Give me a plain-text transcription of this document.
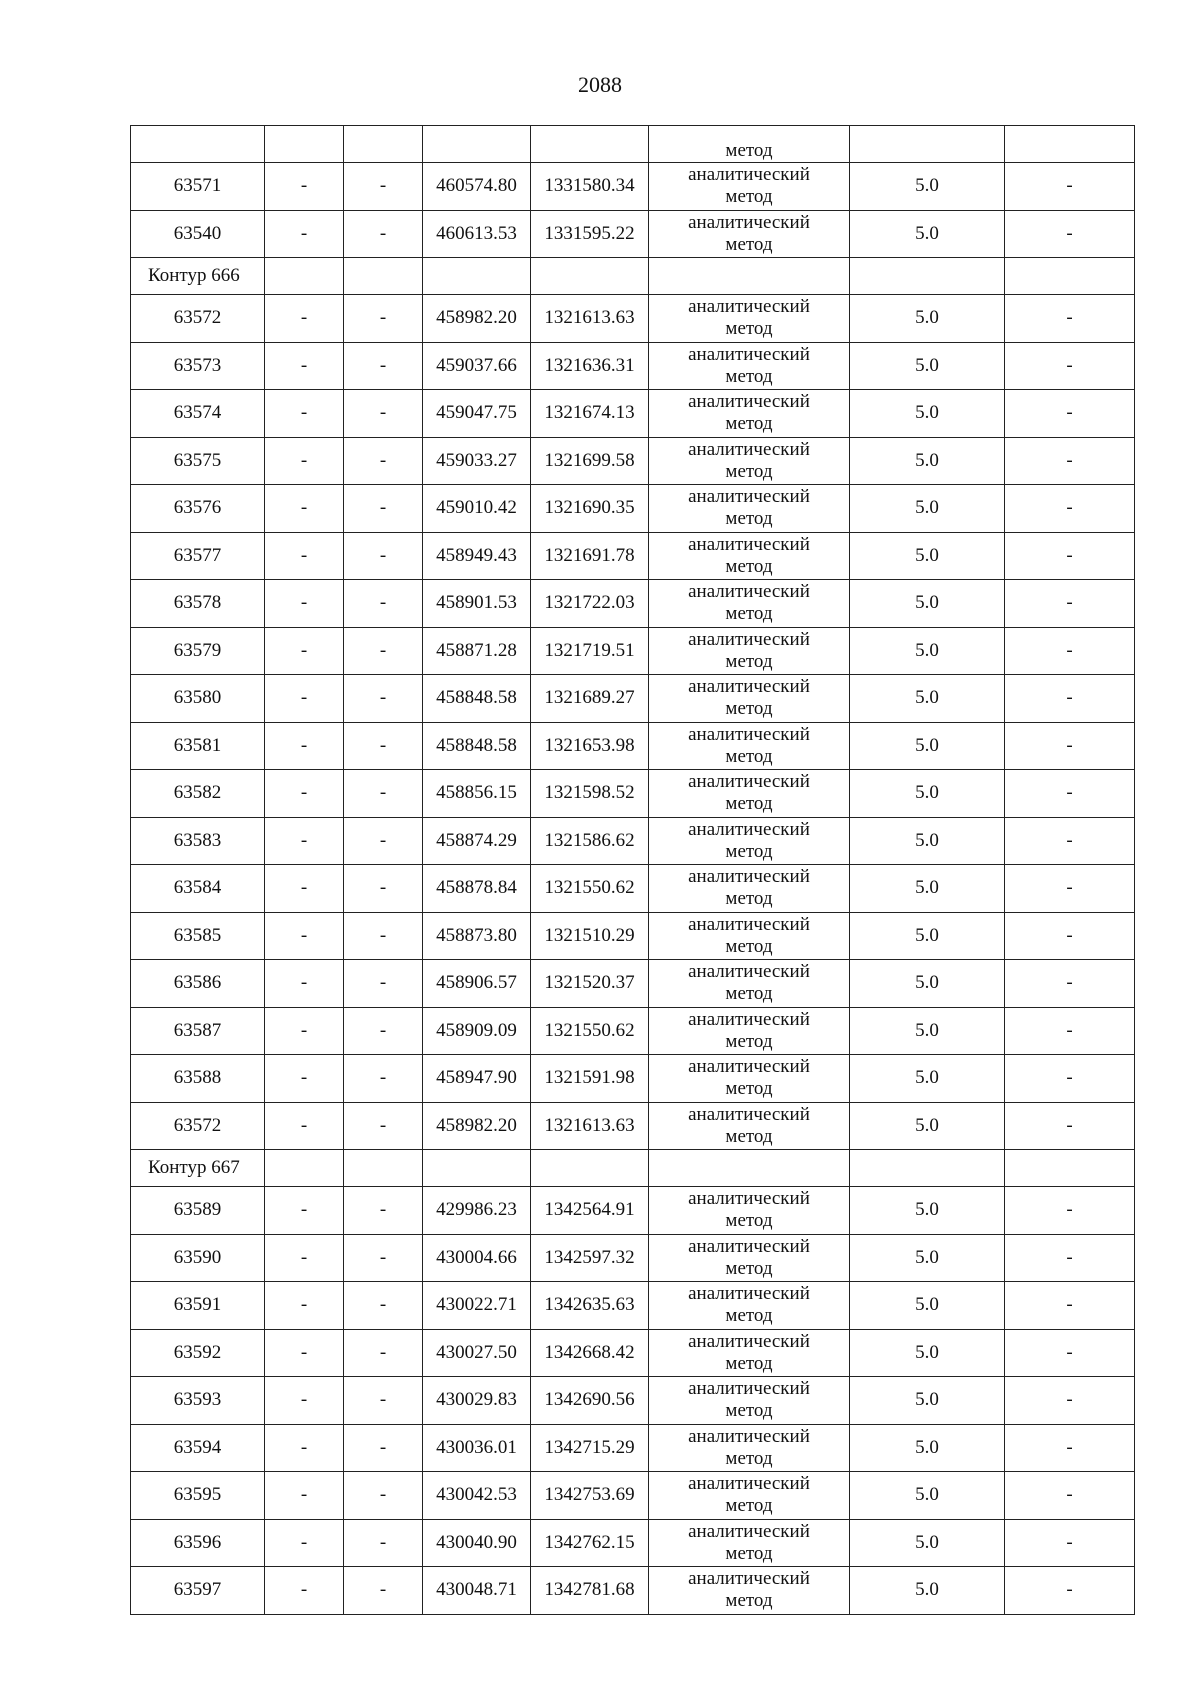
2088
					метод		
63571	-	-	460574.80	1331580.34	аналитический
метод	5.0	-
63540	-	-	460613.53	1331595.22	аналитический
метод	5.0	-
Контур 666							
63572	-	-	458982.20	1321613.63	аналитический
метод	5.0	-
63573	-	-	459037.66	1321636.31	аналитический
метод	5.0	-
63574	-	-	459047.75	1321674.13	аналитический
метод	5.0	-
63575	-	-	459033.27	1321699.58	аналитический
метод	5.0	-
63576	-	-	459010.42	1321690.35	аналитический
метод	5.0	-
63577	-	-	458949.43	1321691.78	аналитический
метод	5.0	-
63578	-	-	458901.53	1321722.03	аналитический
метод	5.0	-
63579	-	-	458871.28	1321719.51	аналитический
метод	5.0	-
63580	-	-	458848.58	1321689.27	аналитический
метод	5.0	-
63581	-	-	458848.58	1321653.98	аналитический
метод	5.0	-
63582	-	-	458856.15	1321598.52	аналитический
метод	5.0	-
63583	-	-	458874.29	1321586.62	аналитический
метод	5.0	-
63584	-	-	458878.84	1321550.62	аналитический
метод	5.0	-
63585	-	-	458873.80	1321510.29	аналитический
метод	5.0	-
63586	-	-	458906.57	1321520.37	аналитический
метод	5.0	-
63587	-	-	458909.09	1321550.62	аналитический
метод	5.0	-
63588	-	-	458947.90	1321591.98	аналитический
метод	5.0	-
63572	-	-	458982.20	1321613.63	аналитический
метод	5.0	-
Контур 667							
63589	-	-	429986.23	1342564.91	аналитический
метод	5.0	-
63590	-	-	430004.66	1342597.32	аналитический
метод	5.0	-
63591	-	-	430022.71	1342635.63	аналитический
метод	5.0	-
63592	-	-	430027.50	1342668.42	аналитический
метод	5.0	-
63593	-	-	430029.83	1342690.56	аналитический
метод	5.0	-
63594	-	-	430036.01	1342715.29	аналитический
метод	5.0	-
63595	-	-	430042.53	1342753.69	аналитический
метод	5.0	-
63596	-	-	430040.90	1342762.15	аналитический
метод	5.0	-
63597	-	-	430048.71	1342781.68	аналитический
метод	5.0	-
